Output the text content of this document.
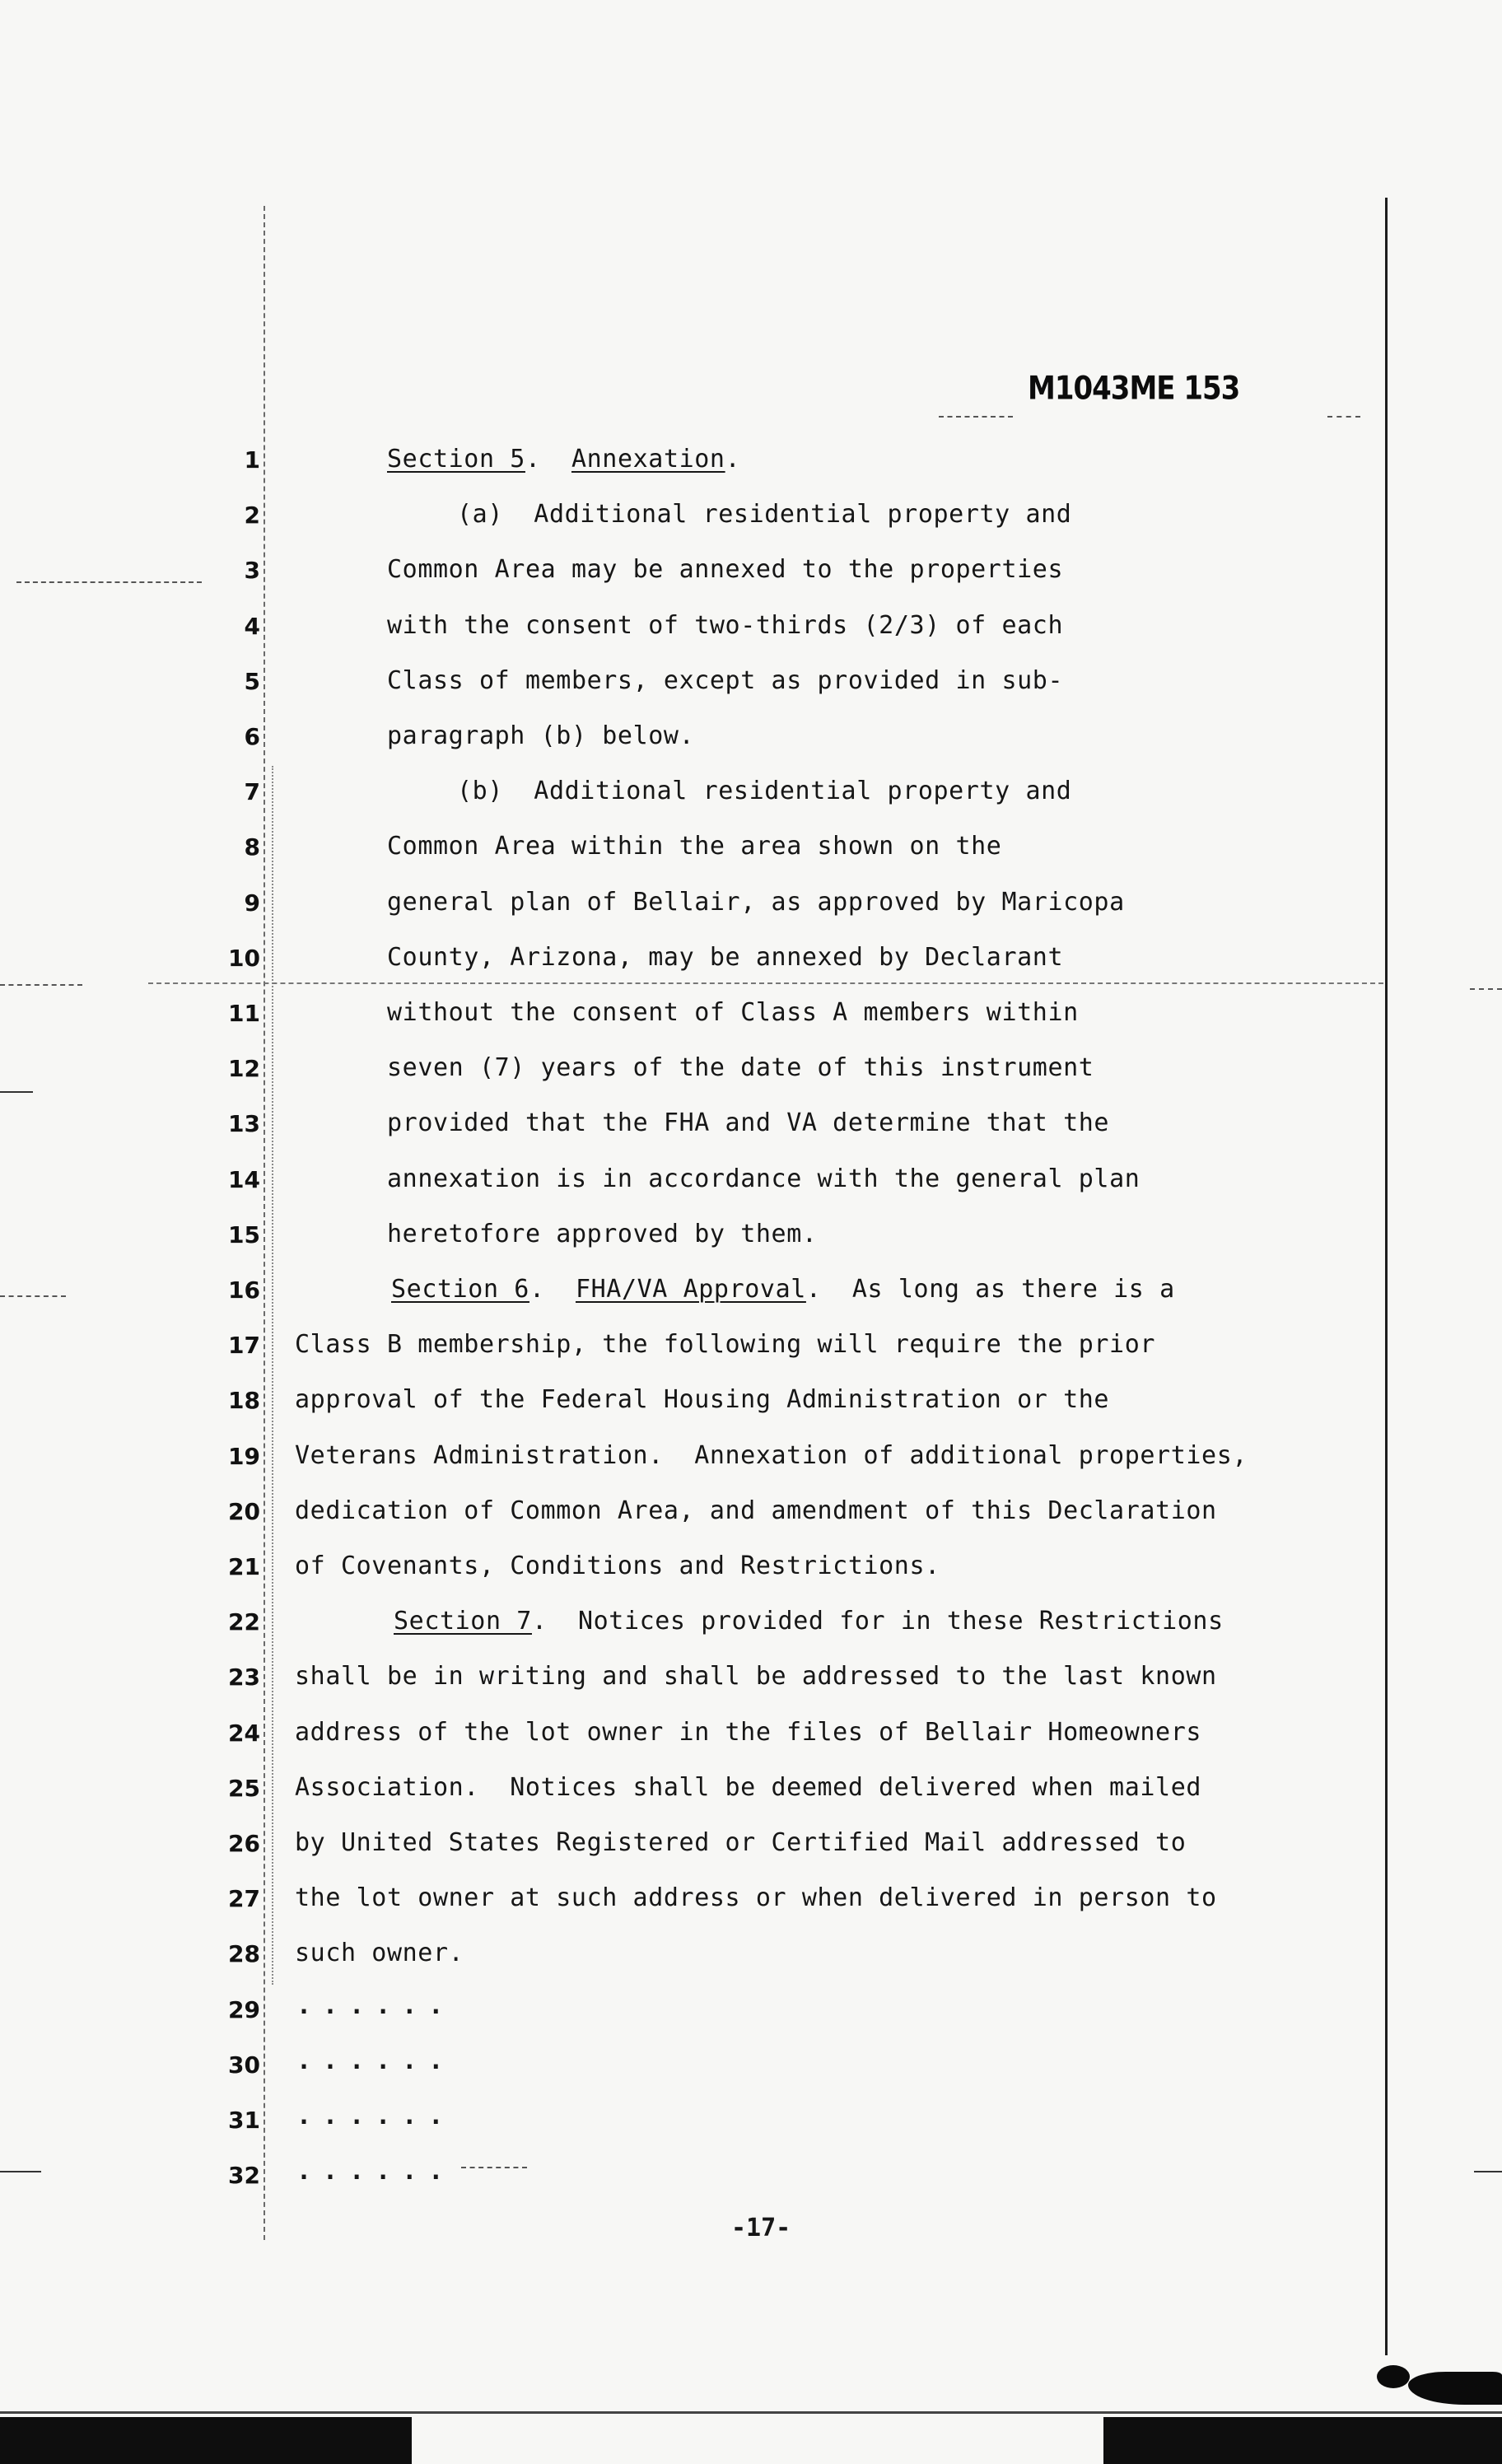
M1043ME 153
1	Section 5.  Annexation.
2	(a)  Additional residential property and
3	Common Area may be annexed to the properties
4	with the consent of two-thirds (2/3) of each
5	Class of members, except as provided in sub-
6	paragraph (b) below.
7	(b)  Additional residential property and
8	Common Area within the area shown on the
9	general plan of Bellair, as approved by Maricopa
10	County, Arizona, may be annexed by Declarant
11	without the consent of Class A members within
12	seven (7) years of the date of this instrument
13	provided that the FHA and VA determine that the
14	annexation is in accordance with the general plan
15	heretofore approved by them.
16	Section 6.  FHA/VA Approval.  As long as there is a
17 Class B membership, the following will require the prior
18 approval of the Federal Housing Administration or the
19 Veterans Administration.  Annexation of additional properties,
20 dedication of Common Area, and amendment of this Declaration
21 of Covenants, Conditions and Restrictions.
22	Section 7.  Notices provided for in these Restrictions
23 shall be in writing and shall be addressed to the last known
24 address of the lot owner in the files of Bellair Homeowners
25 Association.  Notices shall be deemed delivered when mailed
26 by United States Registered or Certified Mail addressed to
27 the lot owner at such address or when delivered in person to
28 such owner.
29 ......
30 ......
31 ......
32 ......
-17-
